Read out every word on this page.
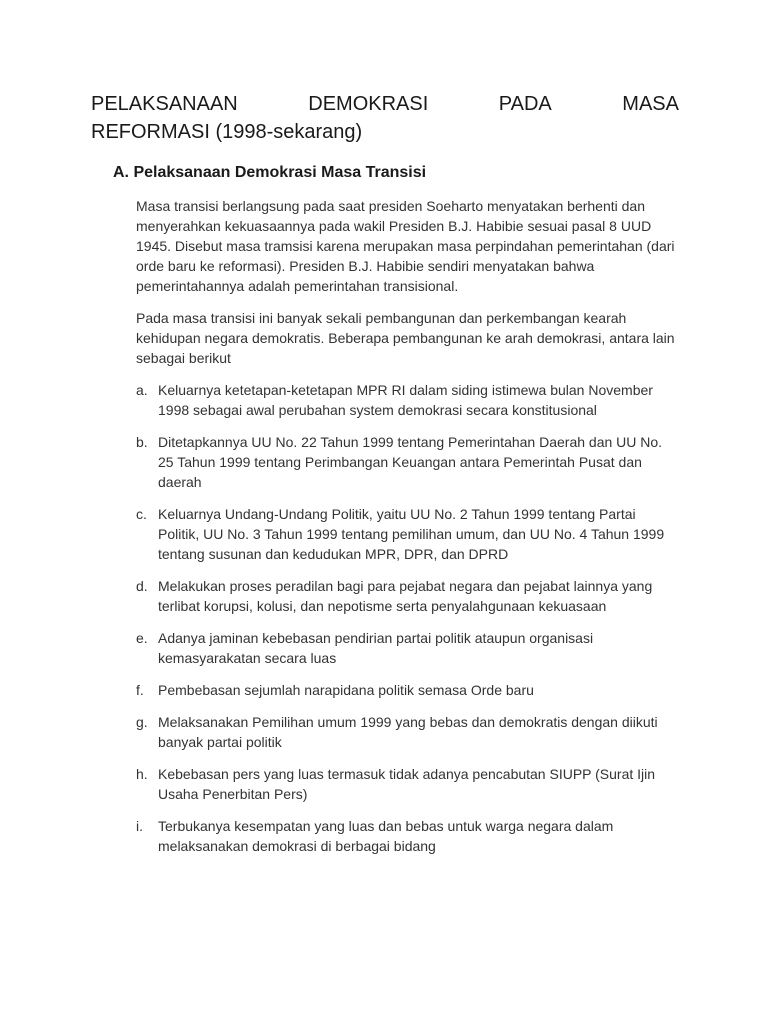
PELAKSANAAN	DEMOKRASI	PADA	MASA
REFORMASI (1998-sekarang)
A. Pelaksanaan Demokrasi Masa Transisi

Masa transisi berlangsung pada saat presiden Soeharto menyatakan berhenti dan menyerahkan kekuasaannya pada wakil Presiden B.J. Habibie sesuai pasal 8 UUD 1945. Disebut masa tramsisi karena merupakan masa perpindahan pemerintahan (dari orde baru ke reformasi). Presiden B.J. Habibie sendiri menyatakan bahwa pemerintahannya adalah pemerintahan transisional.

Pada masa transisi ini banyak sekali pembangunan dan perkembangan kearah kehidupan negara demokratis. Beberapa pembangunan ke arah demokrasi, antara lain sebagai berikut

a. Keluarnya ketetapan-ketetapan MPR RI dalam siding istimewa bulan November 1998 sebagai awal perubahan system demokrasi secara konstitusional
b. Ditetapkannya UU No. 22 Tahun 1999 tentang Pemerintahan Daerah dan UU No. 25 Tahun 1999 tentang Perimbangan Keuangan antara Pemerintah Pusat dan daerah
c. Keluarnya Undang-Undang Politik, yaitu UU No. 2 Tahun 1999 tentang Partai Politik, UU No. 3 Tahun 1999 tentang pemilihan umum, dan UU No. 4 Tahun 1999 tentang susunan dan kedudukan MPR, DPR, dan DPRD
d. Melakukan proses peradilan bagi para pejabat negara dan pejabat lainnya yang terlibat korupsi, kolusi, dan nepotisme serta penyalahgunaan kekuasaan
e. Adanya jaminan kebebasan pendirian partai politik ataupun organisasi kemasyarakatan secara luas
f.	Pembebasan sejumlah narapidana politik semasa Orde baru
g. Melaksanakan Pemilihan umum 1999 yang bebas dan demokratis dengan diikuti banyak partai politik
h. Kebebasan pers yang luas termasuk tidak adanya pencabutan SIUPP (Surat Ijin Usaha Penerbitan Pers)
i.	Terbukanya kesempatan yang luas dan bebas untuk warga negara dalam melaksanakan demokrasi di berbagai bidang
